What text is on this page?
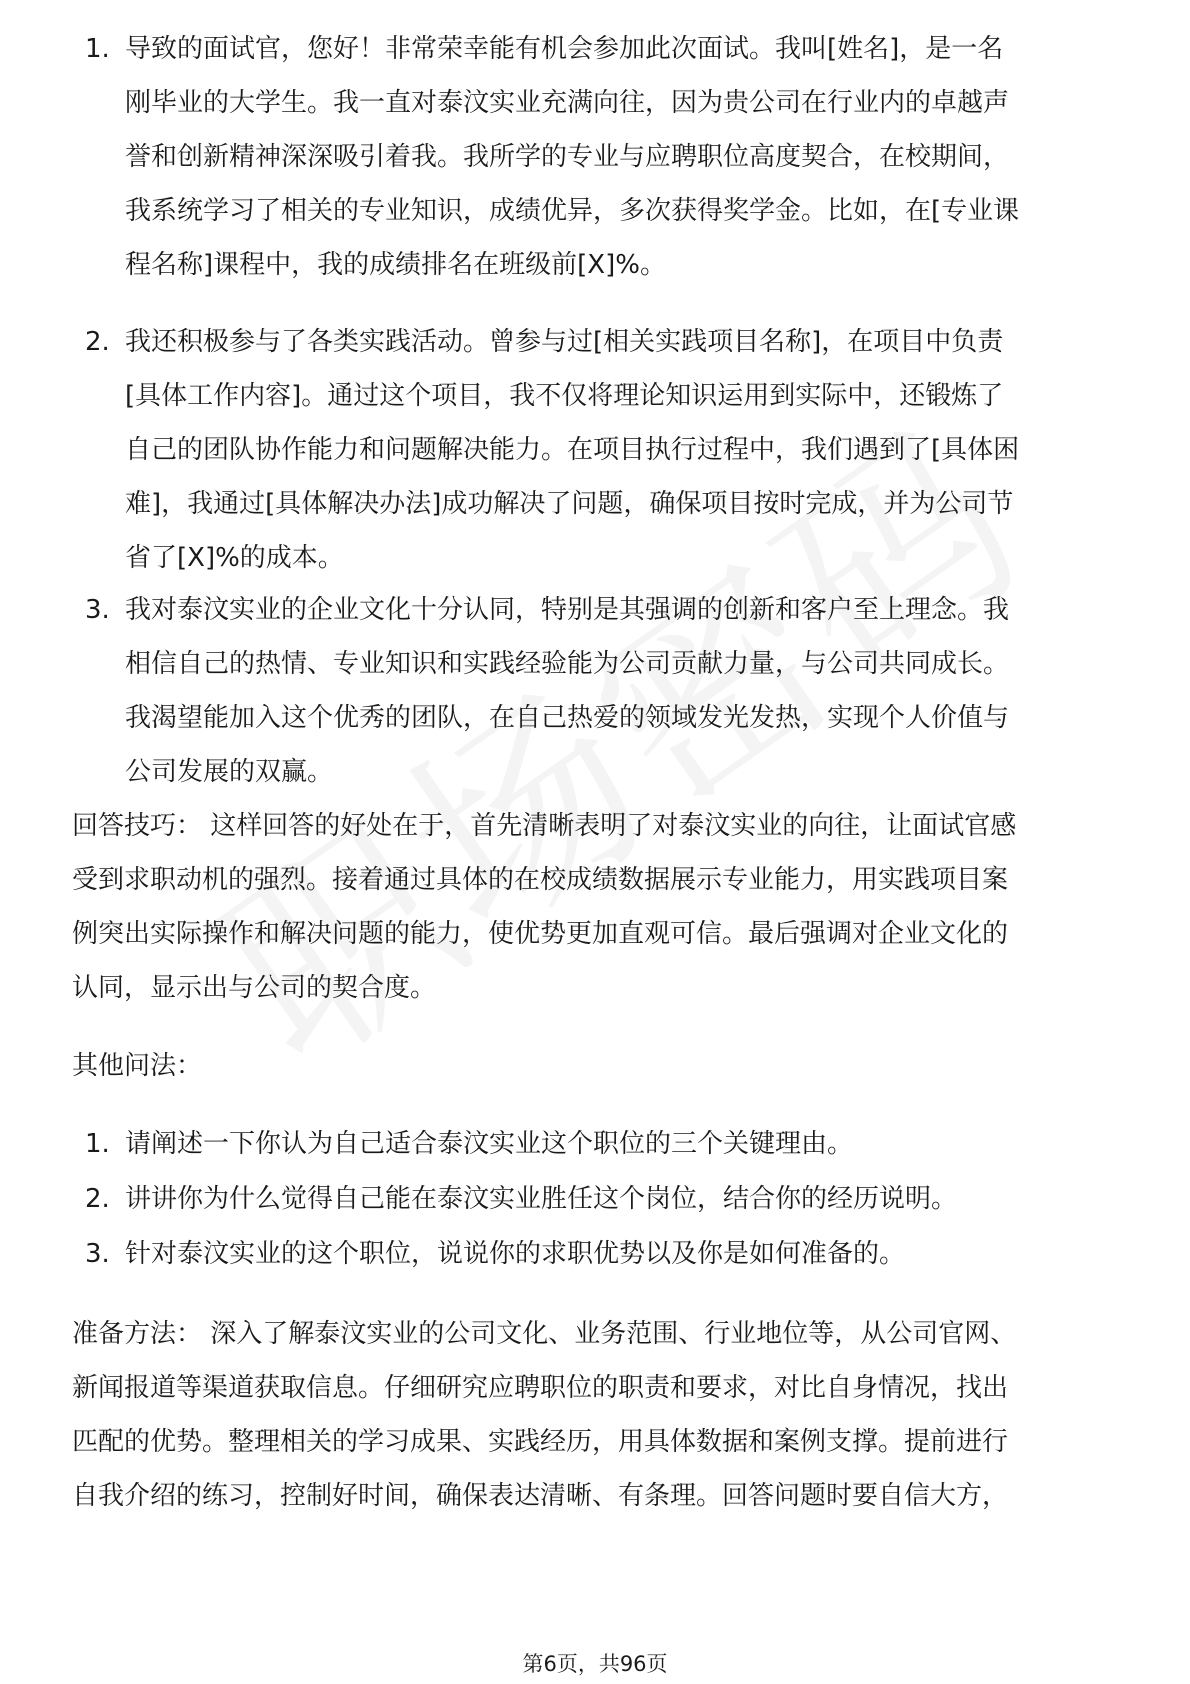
1. 导致的面试官，您好！非常荣幸能有机会参加此次面试。我叫[姓名]，是一名
刚毕业的大学生。我一直对泰汶实业充满向往，因为贵公司在行业内的卓越声
誉和创新精神深深吸引着我。我所学的专业与应聘职位高度契合，在校期间，
我系统学习了相关的专业知识，成绩优异，多次获得奖学金。比如，在[专业课
程名称]课程中，我的成绩排名在班级前[X]%。
2. 我还积极参与了各类实践活动。曾参与过[相关实践项目名称]，在项目中负责
[具体工作内容]。通过这个项目，我不仅将理论知识运用到实际中，还锻炼了
自己的团队协作能力和问题解决能力。在项目执行过程中，我们遇到了[具体困
难]，我通过[具体解决办法]成功解决了问题，确保项目按时完成，并为公司节
省了[X]%的成本。
3. 我对泰汶实业的企业文化十分认同，特别是其强调的创新和客户至上理念。我
相信自己的热情、专业知识和实践经验能为公司贡献力量，与公司共同成长。
我渴望能加入这个优秀的团队，在自己热爱的领域发光发热，实现个人价值与
公司发展的双赢。
回答技巧： 这样回答的好处在于，首先清晰表明了对泰汶实业的向往，让面试官感
受到求职动机的强烈。接着通过具体的在校成绩数据展示专业能力，用实践项目案
例突出实际操作和解决问题的能力，使优势更加直观可信。最后强调对企业文化的
认同，显示出与公司的契合度。
其他问法：
1. 请阐述一下你认为自己适合泰汶实业这个职位的三个关键理由。
2. 讲讲你为什么觉得自己能在泰汶实业胜任这个岗位，结合你的经历说明。
3. 针对泰汶实业的这个职位，说说你的求职优势以及你是如何准备的。
准备方法： 深入了解泰汶实业的公司文化、业务范围、行业地位等，从公司官网、
新闻报道等渠道获取信息。仔细研究应聘职位的职责和要求，对比自身情况，找出
匹配的优势。整理相关的学习成果、实践经历，用具体数据和案例支撑。提前进行
自我介绍的练习，控制好时间，确保表达清晰、有条理。回答问题时要自信大方，
第6页，共96页
